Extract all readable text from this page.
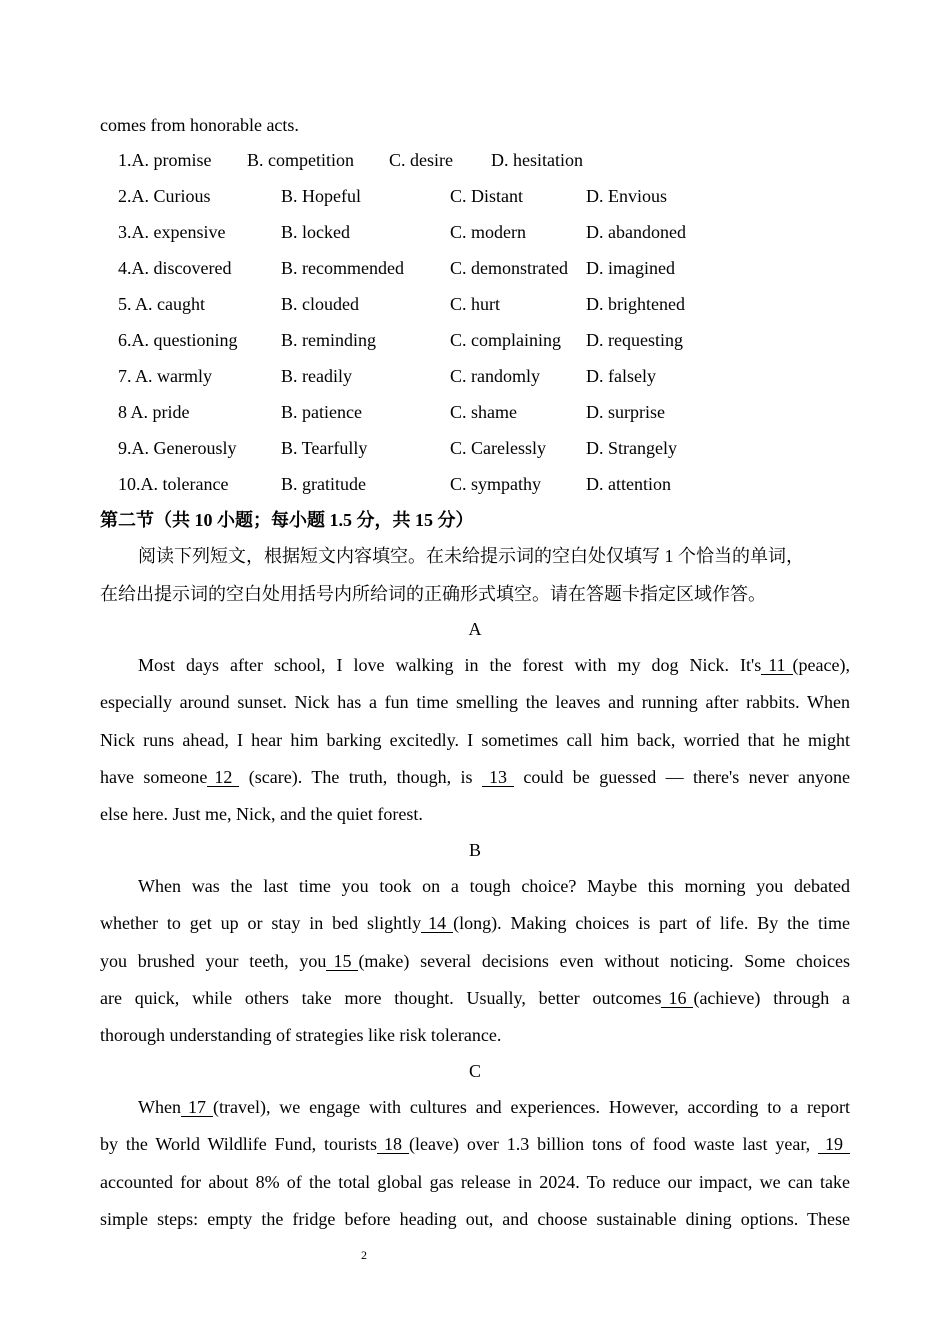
comes from honorable acts.
1.A. promise B. competition C. desire D. hesitation
2.A. Curious	B. Hopeful	C. Distant	D. Envious
3.A. expensive	B. locked	C. modern	D. abandoned
4.A. discovered	B. recommended	C. demonstrated D. imagined
5. A. caught	B. clouded	C. hurt	D. brightened
6.A. questioning B. reminding	C. complaining D. requesting
7. A. warmly	B. readily	C. randomly	D. falsely
8 A. pride	B. patience	C. shame	D. surprise
9.A. Generously B. Tearfully	C. Carelessly D. Strangely
10.A. tolerance	B. gratitude	C. sympathy D. attention
第二节（共 10 小题；每小题 1.5 分，共 15 分）
阅读下列短文，根据短文内容填空。在未给提示词的空白处仅填写 1 个恰当的单词，
在给出提示词的空白处用括号内所给词的正确形式填空。请在答题卡指定区域作答。
A
Most days after school, I love walking in the forest with my dog Nick. It's 11 (peace),
especially around sunset. Nick has a fun time smelling the leaves and running after rabbits. When
Nick runs ahead, I hear him barking excitedly. I sometimes call him back, worried that he might
have someone 12 (scare). The truth, though, is 13 could be guessed — there's never anyone
else here. Just me, Nick, and the quiet forest.
B
When was the last time you took on a tough choice? Maybe this morning you debated
whether to get up or stay in bed slightly 14 (long). Making choices is part of life. By the time
you brushed your teeth, you 15 (make) several decisions even without noticing. Some choices
are quick, while others take more thought. Usually, better outcomes 16 (achieve) through a
thorough understanding of strategies like risk tolerance.
C
When 17 (travel), we engage with cultures and experiences. However, according to a report
by the World Wildlife Fund, tourists 18 (leave) over 1.3 billion tons of food waste last year, 19
accounted for about 8% of the total global gas release in 2024. To reduce our impact, we can take
simple steps: empty the fridge before heading out, and choose sustainable dining options. These
2
